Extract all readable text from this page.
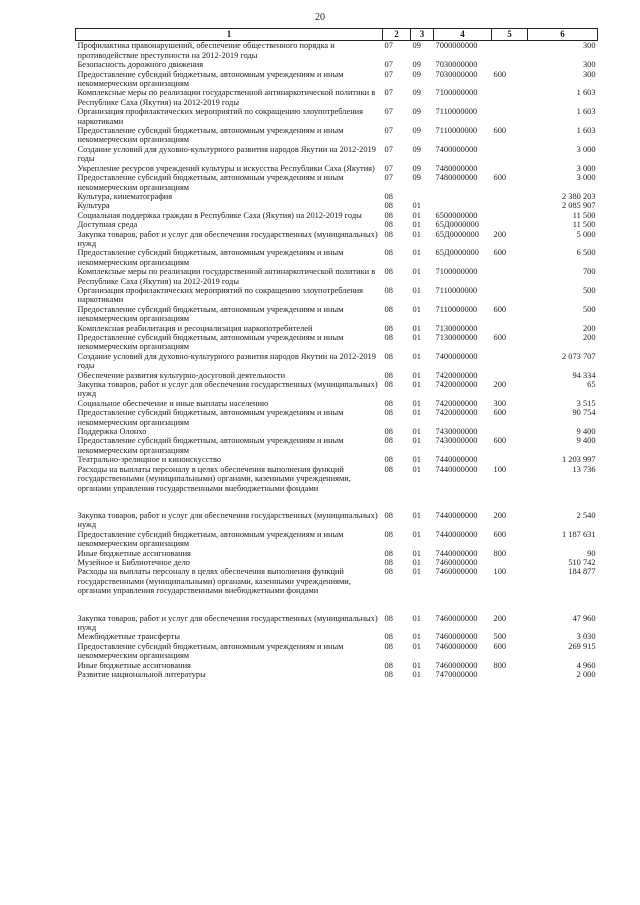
20
1	2	3	4	5	6
Профилактика правонарушений, обеспечение общественного порядка и противодействие преступности на 2012-2019 годы	07	09	7000000000		300
Безопасность дорожного движения	07	09	7030000000		300
Предоставление субсидий бюджетным, автономным учреждениям и иным некоммерческим организациям	07	09	7030000000	600	300
Комплексные меры по реализации государственной антинаркотической политики в Республике Саха (Якутия) на 2012-2019 годы	07	09	7100000000		1 603
Организация профилактических мероприятий по сокращению злоупотребления наркотиками	07	09	7110000000		1 603
Предоставление субсидий бюджетным, автономным учреждениям и иным некоммерческим организациям	07	09	7110000000	600	1 603
Создание условий для духовно-культурного развития народов Якутии на 2012-2019 годы	07	09	7400000000		3 000
Укрепление ресурсов учреждений культуры и искусства Республики Саха (Якутия)	07	09	7480000000		3 000
Предоставление субсидий бюджетным, автономным учреждениям и иным некоммерческим организациям	07	09	7480000000	600	3 000
Культура, кинематография	08				2 380 203
Культура	08	01			2 085 907
Социальная поддержка граждан в Республике Саха (Якутия) на 2012-2019 годы	08	01	6500000000		11 500
Доступная среда	08	01	65Д0000000		11 500
Закупка товаров, работ и услуг для обеспечения государственных (муниципальных) нужд	08	01	65Д0000000	200	5 000
Предоставление субсидий бюджетным, автономным учреждениям и иным некоммерческим организациям	08	01	65Д0000000	600	6 500
Комплексные меры по реализации государственной антинаркотической политики в Республике Саха (Якутия) на 2012-2019 годы	08	01	7100000000		700
Организация профилактических мероприятий по сокращению злоупотребления наркотиками	08	01	7110000000		500
Предоставление субсидий бюджетным, автономным учреждениям и иным некоммерческим организациям	08	01	7110000000	600	500
Комплексная реабилитация и ресоциализация наркопотребителей	08	01	7130000000		200
Предоставление субсидий бюджетным, автономным учреждениям и иным некоммерческим организациям	08	01	7130000000	600	200
Создание условий для духовно-культурного развития народов Якутии на 2012-2019 годы	08	01	7400000000		2 073 707
Обеспечение развития культурно-досуговой деятельности	08	01	7420000000		94 334
Закупка товаров, работ и услуг для обеспечения государственных (муниципальных) нужд	08	01	7420000000	200	65
Социальное обеспечение и иные выплаты населению	08	01	7420000000	300	3 515
Предоставление субсидий бюджетным, автономным учреждениям и иным некоммерческим организациям	08	01	7420000000	600	90 754
Поддержка Олонхо	08	01	7430000000		9 400
Предоставление субсидий бюджетным, автономным учреждениям и иным некоммерческим организациям	08	01	7430000000	600	9 400
Театрально-зрелищное и киноискусство	08	01	7440000000		1 203 997
Расходы на выплаты персоналу в целях обеспечения выполнения функций государственными (муниципальными) органами, казенными учреждениями, органами управления государственными внебюджетными фондами	08	01	7440000000	100	13 736

Закупка товаров, работ и услуг для обеспечения государственных (муниципальных) нужд	08	01	7440000000	200	2 540
Предоставление субсидий бюджетным, автономным учреждениям и иным некоммерческим организациям	08	01	7440000000	600	1 187 631
Иные бюджетные ассигнования	08	01	7440000000	800	90
Музейное и Библиотечное дело	08	01	7460000000		510 742
Расходы на выплаты персоналу в целях обеспечения выполнения функций государственными (муниципальными) органами, казенными учреждениями, органами управления государственными внебюджетными фондами	08	01	7460000000	100	184 877

Закупка товаров, работ и услуг для обеспечения государственных (муниципальных) нужд	08	01	7460000000	200	47 960
Межбюджетные трансферты	08	01	7460000000	500	3 030
Предоставление субсидий бюджетным, автономным учреждениям и иным некоммерческим организациям	08	01	7460000000	600	269 915
Иные бюджетные ассигнования	08	01	7460000000	800	4 960
Развитие национальной литературы	08	01	7470000000		2 000
